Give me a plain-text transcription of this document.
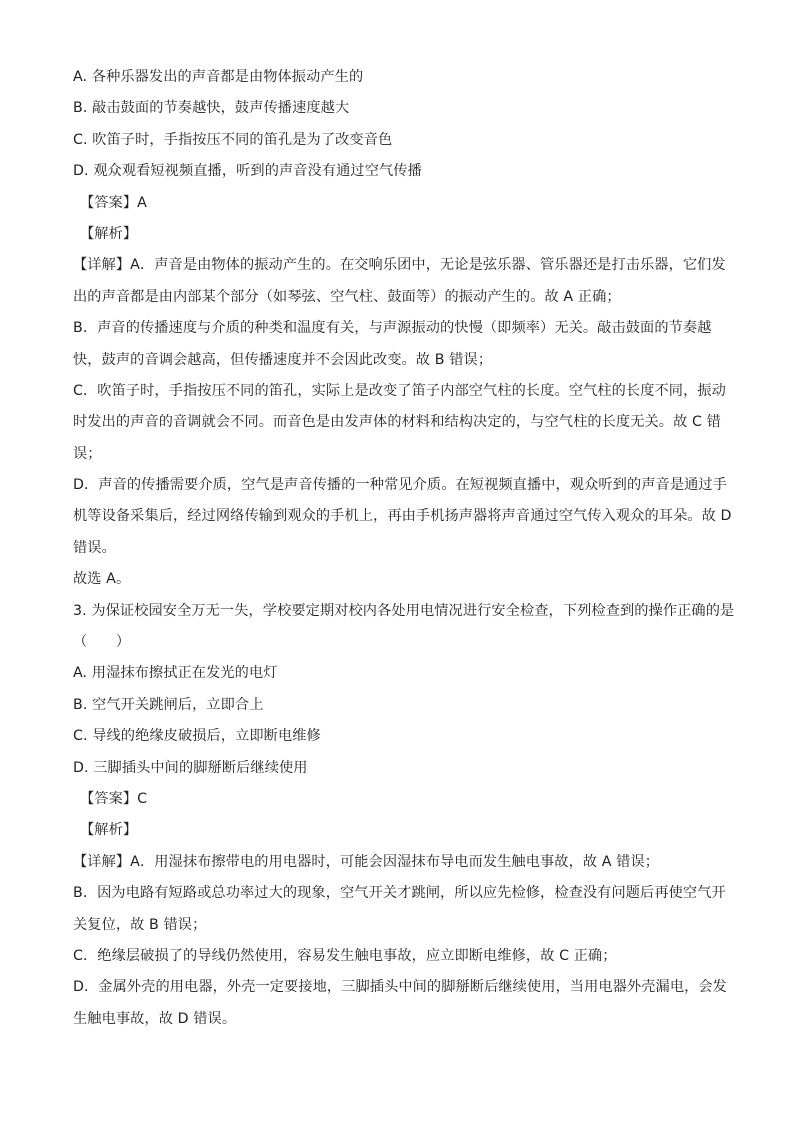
A. 各种乐器发出的声音都是由物体振动产生的
B. 敲击鼓面的节奏越快，鼓声传播速度越大
C. 吹笛子时，手指按压不同的笛孔是为了改变音色
D. 观众观看短视频直播，听到的声音没有通过空气传播
【答案】A
【解析】
【详解】A．声音是由物体的振动产生的。在交响乐团中，无论是弦乐器、管乐器还是打击乐器，它们发
出的声音都是由内部某个部分（如琴弦、空气柱、鼓面等）的振动产生的。故 A 正确；
B．声音的传播速度与介质的种类和温度有关，与声源振动的快慢（即频率）无关。敲击鼓面的节奏越
快，鼓声的音调会越高，但传播速度并不会因此改变。故 B 错误；
C．吹笛子时，手指按压不同的笛孔，实际上是改变了笛子内部空气柱的长度。空气柱的长度不同，振动
时发出的声音的音调就会不同。而音色是由发声体的材料和结构决定的，与空气柱的长度无关。故 C 错
误；
D．声音的传播需要介质，空气是声音传播的一种常见介质。在短视频直播中，观众听到的声音是通过手
机等设备采集后，经过网络传输到观众的手机上，再由手机扬声器将声音通过空气传入观众的耳朵。故 D
错误。
故选 A。
3. 为保证校园安全万无一失，学校要定期对校内各处用电情况进行安全检查，下列检查到的操作正确的是
（　　）
A. 用湿抹布擦拭正在发光的电灯
B. 空气开关跳闸后，立即合上
C. 导线的绝缘皮破损后，立即断电维修
D. 三脚插头中间的脚掰断后继续使用
【答案】C
【解析】
【详解】A．用湿抹布擦带电的用电器时，可能会因湿抹布导电而发生触电事故，故 A 错误；
B．因为电路有短路或总功率过大的现象，空气开关才跳闸，所以应先检修，检查没有问题后再使空气开
关复位，故 B 错误；
C．绝缘层破损了的导线仍然使用，容易发生触电事故，应立即断电维修，故 C 正确；
D．金属外壳的用电器，外壳一定要接地，三脚插头中间的脚掰断后继续使用，当用电器外壳漏电，会发
生触电事故，故 D 错误。
